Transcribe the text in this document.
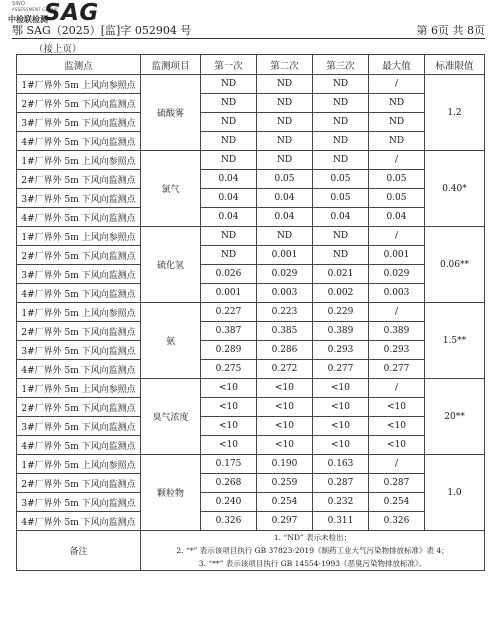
SINO
ASSESSMENT GROUP
中检联检测
SAG
鄂 SAG（2025）[监]字 052904 号	第 6页 共 8页
（接上页）
监测点	监测项目	第一次	第二次	第三次	最大值	标准限值
1#厂界外 5m 上风向参照点	硫酸雾	ND	ND	ND	/	1.2
2#厂界外 5m 下风向监测点		ND	ND	ND	ND	
3#厂界外 5m 下风向监测点		ND	ND	ND	ND	
4#厂界外 5m 下风向监测点		ND	ND	ND	ND	
1#厂界外 5m 上风向参照点	氯气	ND	ND	ND	/	0.40*
2#厂界外 5m 下风向监测点		0.04	0.05	0.05	0.05	
3#厂界外 5m 下风向监测点		0.04	0.04	0.05	0.05	
4#厂界外 5m 下风向监测点		0.04	0.04	0.04	0.04	
1#厂界外 5m 上风向参照点	硫化氢	ND	ND	ND	/	0.06**
2#厂界外 5m 下风向监测点		ND	0.001	ND	0.001	
3#厂界外 5m 下风向监测点		0.026	0.029	0.021	0.029	
4#厂界外 5m 下风向监测点		0.001	0.003	0.002	0.003	
1#厂界外 5m 上风向参照点	氨	0.227	0.223	0.229	/	1.5**
2#厂界外 5m 下风向监测点		0.387	0.385	0.389	0.389	
3#厂界外 5m 下风向监测点		0.289	0.286	0.293	0.293	
4#厂界外 5m 下风向监测点		0.275	0.272	0.277	0.277	
1#厂界外 5m 上风向参照点	臭气浓度	<10	<10	<10	/	20**
2#厂界外 5m 下风向监测点		<10	<10	<10	<10	
3#厂界外 5m 下风向监测点		<10	<10	<10	<10	
4#厂界外 5m 下风向监测点		<10	<10	<10	<10	
1#厂界外 5m 上风向参照点	颗粒物	0.175	0.190	0.163	/	1.0
2#厂界外 5m 下风向监测点		0.268	0.259	0.287	0.287	
3#厂界外 5m 下风向监测点		0.240	0.254	0.232	0.254	
4#厂界外 5m 下风向监测点		0.326	0.297	0.311	0.326	
备注	1. “ND” 表示未检出；
2. “*” 表示该项目执行 GB 37823-2019《制药工业大气污染物排放标准》表 4；
3. “**” 表示该项目执行 GB 14554-1993《恶臭污染物排放标准》。					
